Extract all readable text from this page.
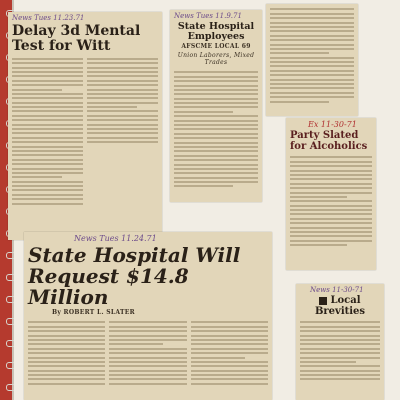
News Tues 11.23.71
Delay 3d Mental Test for Witt
News Tues 11.9.71
State Hospital Employees
AFSCME LOCAL 69
Union Laborers, Mixed Trades
Ex 11-30-71
Party Slated for Alcoholics
News Tues 11.24.71
State Hospital Will Request $14.8 Million
By ROBERT L. SLATER
News 11-30-71
Local Brevities
